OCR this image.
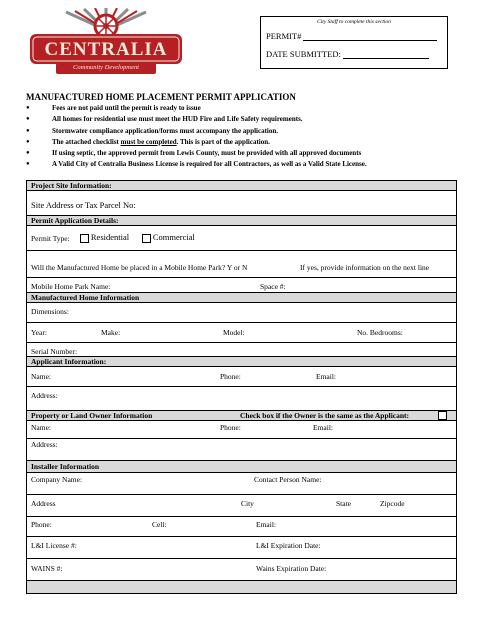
CENTRALIA
Community Development
City Staff to complete this section
PERMIT#
DATE SUBMITTED:
MANUFACTURED HOME PLACEMENT PERMIT APPLICATION
● Fees are not paid until the permit is ready to issue
● All homes for residential use must meet the HUD Fire and Life Safety requirements.
● Stormwater compliance application/forms must accompany the application.
● The attached checklist must be completed. This is part of the application.
● If using septic, the approved permit from Lewis County, must be provided with all approved documents
● A Valid City of Centralia Business License is required for all Contractors, as well as a Valid State License.
Project Site Information:
Site Address or Tax Parcel No:
Permit Application Details:
Permit Type:	Residential	Commercial
Will the Manufactured Home be placed in a Mobile Home Park? Y or N	If yes, provide information on the next line
Mobile Home Park Name:	Space #:
Manufactured Home Information
Dimensions:
Year:	Make:	Model:	No. Bedrooms:
Serial Number:
Applicant Information:
Name:	Phone:	Email:
Address:
Property or Land Owner Information	Check box if the Owner is the same as the Applicant:
Name:	Phone:	Email:
Address:
Installer Information
Company Name:	Contact Person Name:
Address	City	State	Zipcode
Phone:	Cell:	Email:
L&I License #:	L&I Expiration Date:
WAINS #:	Wains Expiration Date:
